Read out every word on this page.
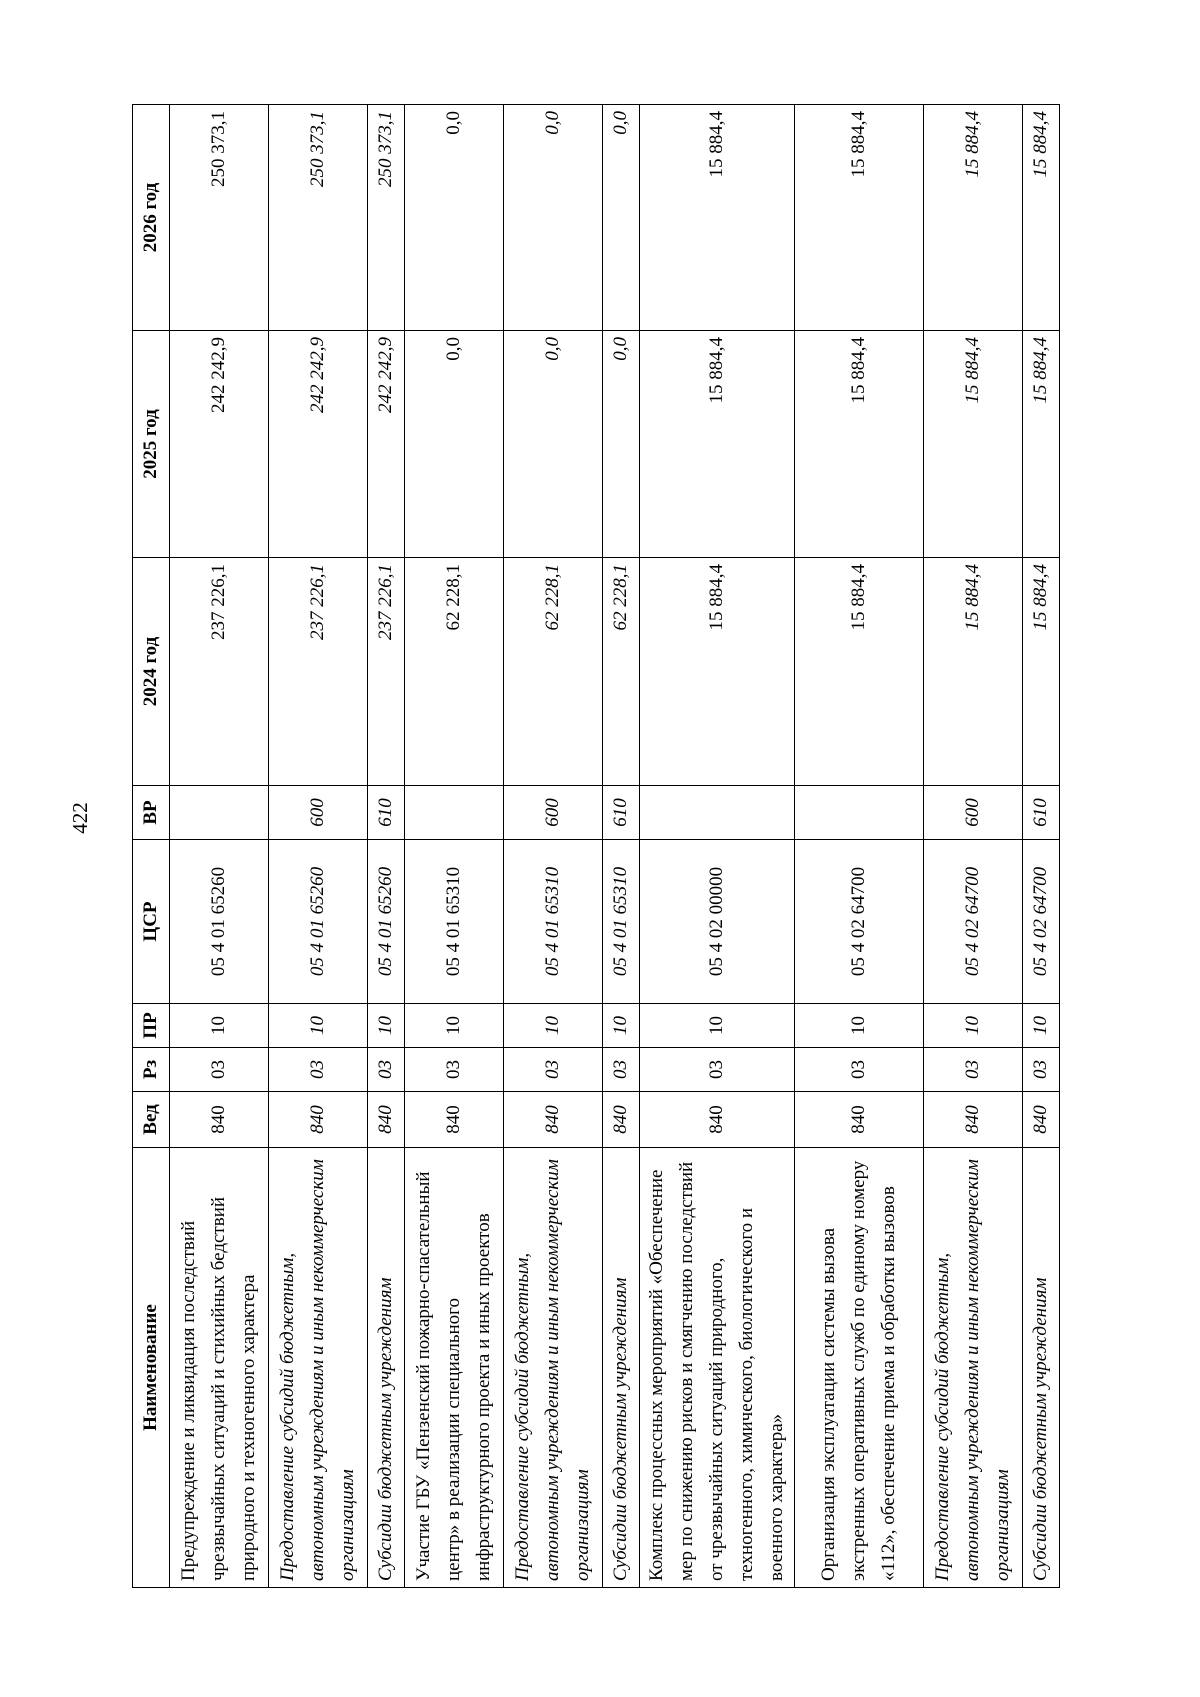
422
Наименование	Вед	Рз	ПР	ЦСР	ВР	2024 год	2025 год	2026 год
Предупреждение и ликвидация последствий чрезвычайных ситуаций и стихийных бедствий природного и техногенного характера	840	03	10	05 4 01 65260		237 226,1	242 242,9	250 373,1
Предоставление субсидий бюджетным, автономным учреждениям и иным некоммерческим организациям	840	03	10	05 4 01 65260	600	237 226,1	242 242,9	250 373,1
Субсидии бюджетным учреждениям	840	03	10	05 4 01 65260	610	237 226,1	242 242,9	250 373,1
Участие ГБУ «Пензенский пожарно-спасательный центр» в реализации специального инфраструктурного проекта и иных проектов	840	03	10	05 4 01 65310		62 228,1	0,0	0,0
Предоставление субсидий бюджетным, автономным учреждениям и иным некоммерческим организациям	840	03	10	05 4 01 65310	600	62 228,1	0,0	0,0
Субсидии бюджетным учреждениям	840	03	10	05 4 01 65310	610	62 228,1	0,0	0,0
Комплекс процессных мероприятий «Обеспечение мер по снижению рисков и смягчению последствий от чрезвычайных ситуаций природного, техногенного, химического, биологического и военного характера»	840	03	10	05 4 02 00000		15 884,4	15 884,4	15 884,4
Организация эксплуатации системы вызова экстренных оперативных служб по единому номеру «112», обеспечение приема и обработки вызовов	840	03	10	05 4 02 64700		15 884,4	15 884,4	15 884,4
Предоставление субсидий бюджетным, автономным учреждениям и иным некоммерческим организациям	840	03	10	05 4 02 64700	600	15 884,4	15 884,4	15 884,4
Субсидии бюджетным учреждениям	840	03	10	05 4 02 64700	610	15 884,4	15 884,4	15 884,4
